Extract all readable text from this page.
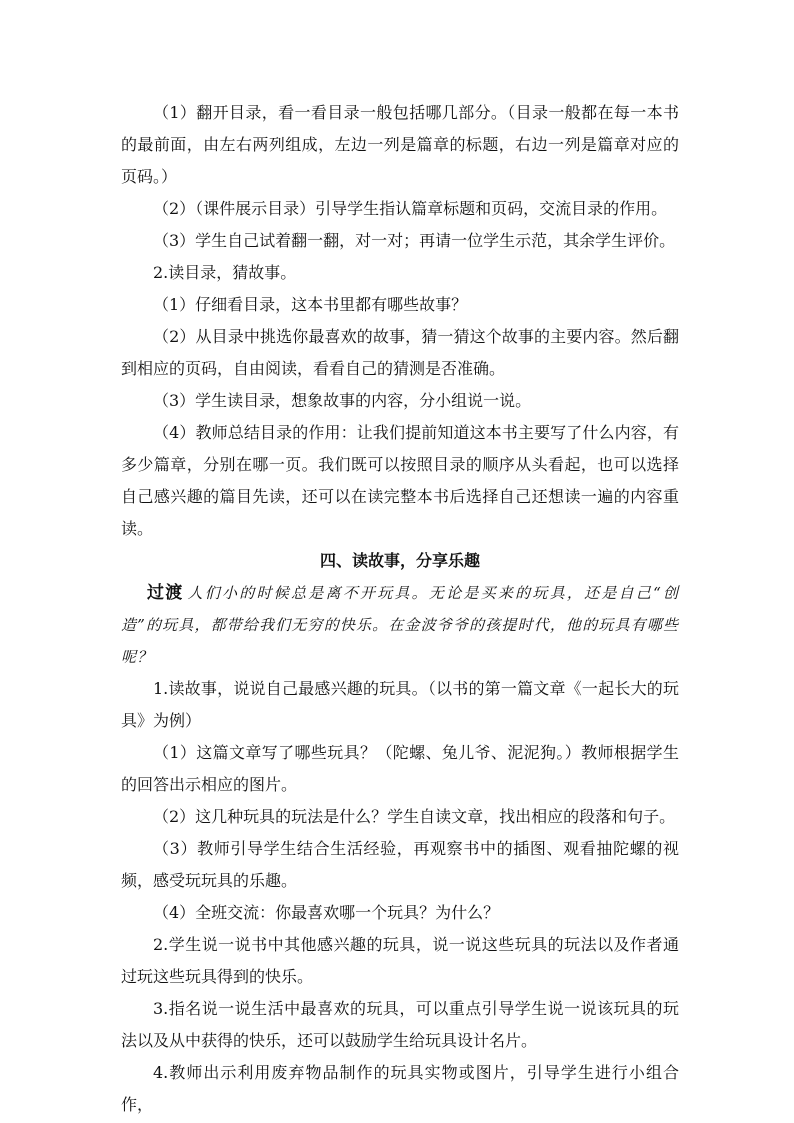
（1）翻开目录，看一看目录一般包括哪几部分。（目录一般都在每一本书的最前面，由左右两列组成，左边一列是篇章的标题，右边一列是篇章对应的页码。）

（2）（课件展示目录）引导学生指认篇章标题和页码，交流目录的作用。

（3）学生自己试着翻一翻，对一对；再请一位学生示范，其余学生评价。

2.读目录，猜故事。

（1）仔细看目录，这本书里都有哪些故事？

（2）从目录中挑选你最喜欢的故事，猜一猜这个故事的主要内容。然后翻到相应的页码，自由阅读，看看自己的猜测是否准确。

（3）学生读目录，想象故事的内容，分小组说一说。

（4）教师总结目录的作用：让我们提前知道这本书主要写了什么内容，有多少篇章，分别在哪一页。我们既可以按照目录的顺序从头看起，也可以选择自己感兴趣的篇目先读，还可以在读完整本书后选择自己还想读一遍的内容重读。

四、读故事，分享乐趣

过渡 人们小的时候总是离不开玩具。无论是买来的玩具，还是自己“创造”的玩具，都带给我们无穷的快乐。在金波爷爷的孩提时代，他的玩具有哪些呢？

1.读故事，说说自己最感兴趣的玩具。（以书的第一篇文章《一起长大的玩具》为例）

（1）这篇文章写了哪些玩具？（陀螺、兔儿爷、泥泥狗。）教师根据学生的回答出示相应的图片。

（2）这几种玩具的玩法是什么？学生自读文章，找出相应的段落和句子。

（3）教师引导学生结合生活经验，再观察书中的插图、观看抽陀螺的视频，感受玩玩具的乐趣。

（4）全班交流：你最喜欢哪一个玩具？为什么？

2.学生说一说书中其他感兴趣的玩具，说一说这些玩具的玩法以及作者通过玩这些玩具得到的快乐。

3.指名说一说生活中最喜欢的玩具，可以重点引导学生说一说该玩具的玩法以及从中获得的快乐，还可以鼓励学生给玩具设计名片。

4.教师出示利用废弃物品制作的玩具实物或图片，引导学生进行小组合作，
